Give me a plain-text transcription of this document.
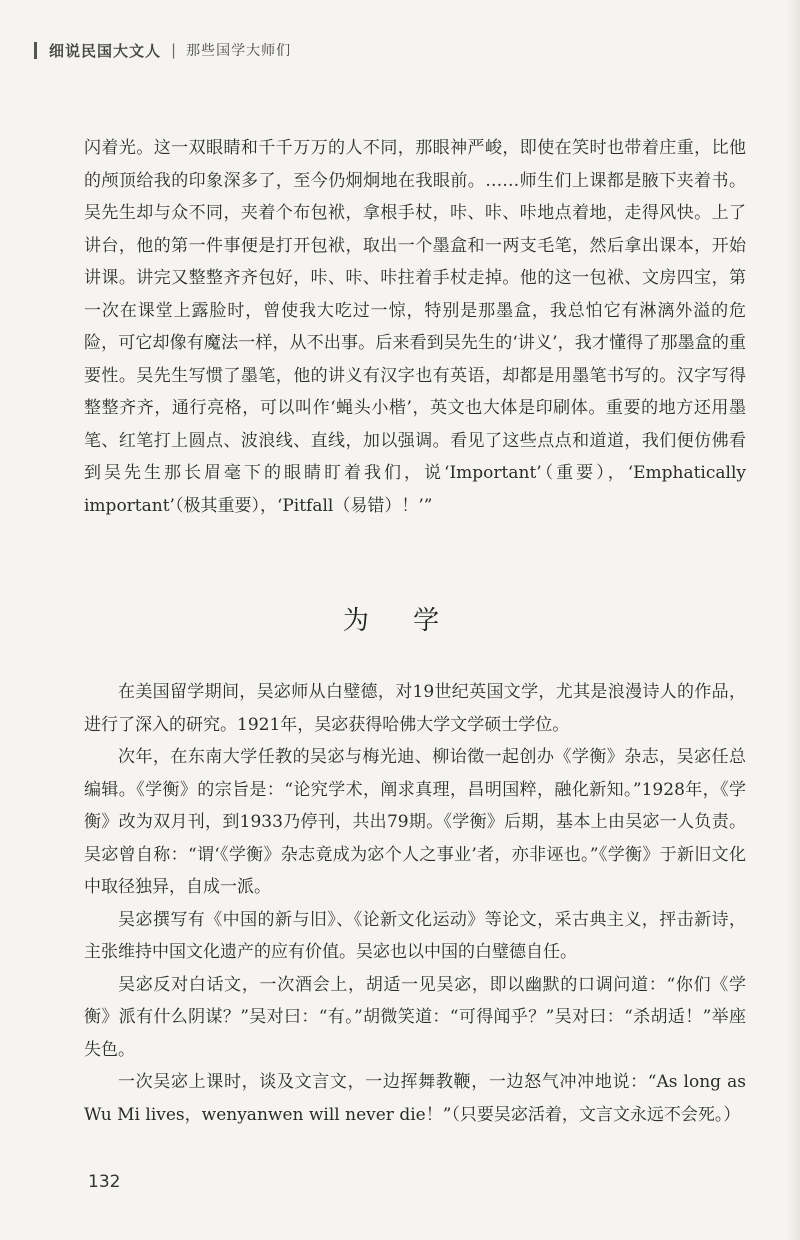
细说民国大文人 | 那些国学大师们

闪着光。这一双眼睛和千千万万的人不同，那眼神严峻，即使在笑时也带着庄重，比他的颅顶给我的印象深多了，至今仍炯炯地在我眼前。……师生们上课都是腋下夹着书。吴先生却与众不同，夹着个布包袱，拿根手杖，咔、咔、咔地点着地，走得风快。上了讲台，他的第一件事便是打开包袱，取出一个墨盒和一两支毛笔，然后拿出课本，开始讲课。讲完又整整齐齐包好，咔、咔、咔拄着手杖走掉。他的这一包袱、文房四宝，第一次在课堂上露脸时，曾使我大吃过一惊，特别是那墨盒，我总怕它有淋漓外溢的危险，可它却像有魔法一样，从不出事。后来看到吴先生的‘讲义’，我才懂得了那墨盒的重要性。吴先生写惯了墨笔，他的讲义有汉字也有英语，却都是用墨笔书写的。汉字写得整整齐齐，通行亮格，可以叫作‘蝇头小楷’，英文也大体是印刷体。重要的地方还用墨笔、红笔打上圆点、波浪线、直线，加以强调。看见了这些点点和道道，我们便仿佛看到吴先生那长眉毫下的眼睛盯着我们，说‘Important’（重要），‘Emphatically important’（极其重要），‘Pitfall（易错）！’”

为 学

在美国留学期间，吴宓师从白璧德，对19世纪英国文学，尤其是浪漫诗人的作品，进行了深入的研究。1921年，吴宓获得哈佛大学文学硕士学位。

次年，在东南大学任教的吴宓与梅光迪、柳诒徵一起创办《学衡》杂志，吴宓任总编辑。《学衡》的宗旨是：“论究学术，阐求真理，昌明国粹，融化新知。”1928年，《学衡》改为双月刊，到1933乃停刊，共出79期。《学衡》后期，基本上由吴宓一人负责。吴宓曾自称：“谓‘《学衡》杂志竟成为宓个人之事业’者，亦非诬也。”《学衡》于新旧文化中取径独异，自成一派。

吴宓撰写有《中国的新与旧》、《论新文化运动》等论文，采古典主义，抨击新诗，主张维持中国文化遗产的应有价值。吴宓也以中国的白璧德自任。

吴宓反对白话文，一次酒会上，胡适一见吴宓，即以幽默的口调问道：“你们《学衡》派有什么阴谋？”吴对曰：“有。”胡微笑道：“可得闻乎？”吴对曰：“杀胡适！”举座失色。

一次吴宓上课时，谈及文言文，一边挥舞教鞭，一边怒气冲冲地说：“As long as Wu Mi lives，wenyanwen will never die！”（只要吴宓活着，文言文永远不会死。）

132
